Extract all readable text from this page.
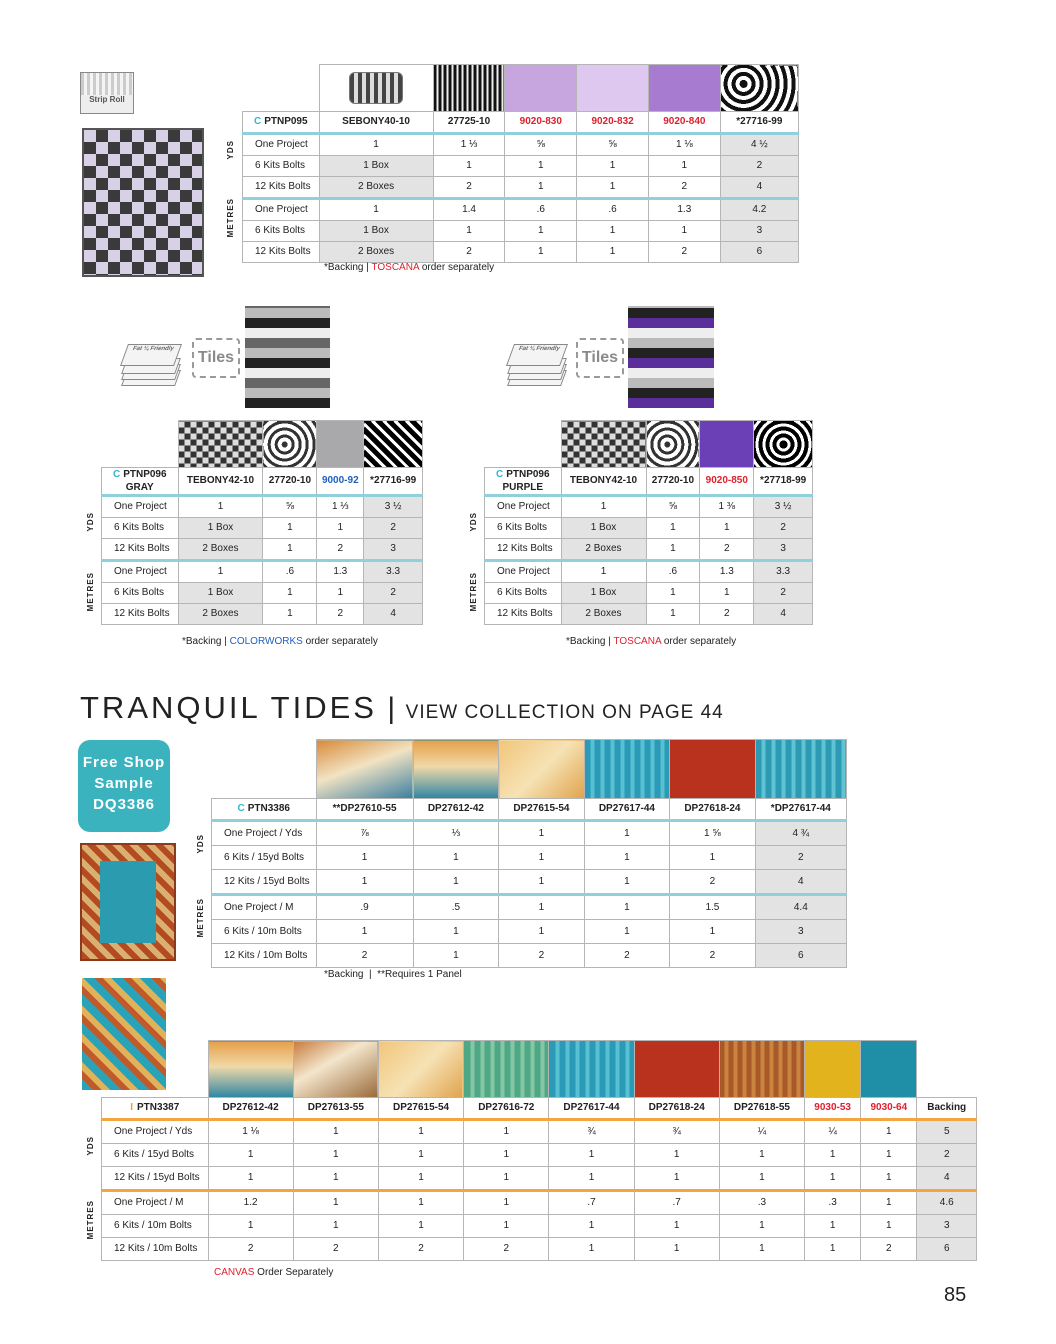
Strip Roll

C PTNP095	SEBONY40-10	27725-10	9020-830	9020-832	9020-840	*27716-99
One Project	1	1 ⅓	⅝	⅝	1 ⅛	4 ½
6 Kits Bolts	1 Box	1	1	1	1	2
12 Kits Bolts	2 Boxes	2	1	1	2	4
One Project	1	1.4	.6	.6	1.3	4.2
6 Kits Bolts	1 Box	1	1	1	1	3
12 Kits Bolts	2 Boxes	2	1	1	2	6
YDS
METRES
*Backing | TOSCANA order separately
Fat ¼ Friendly	Tiles

C PTNP096
GRAY	TEBONY42-10	27720-10	9000-92	*27716-99
One Project	1	⅝	1 ⅓	3 ½
6 Kits Bolts	1 Box	1	1	2
12 Kits Bolts	2 Boxes	1	2	3
One Project	1	.6	1.3	3.3
6 Kits Bolts	1 Box	1	1	2
12 Kits Bolts	2 Boxes	1	2	4
YDS
METRES
*Backing | COLORWORKS order separately
Fat ¼ Friendly	Tiles

C PTNP096
PURPLE	TEBONY42-10	27720-10	9020-850	*27718-99
One Project	1	⅝	1 ⅜	3 ½
6 Kits Bolts	1 Box	1	1	2
12 Kits Bolts	2 Boxes	1	2	3
One Project	1	.6	1.3	3.3
6 Kits Bolts	1 Box	1	1	2
12 Kits Bolts	2 Boxes	1	2	4
YDS
METRES
*Backing | TOSCANA order separately
TRANQUIL TIDES | VIEW COLLECTION ON PAGE 44
Free Shop
Sample
DQ3386
							C PTN3386	**DP27610-55	DP27612-42	DP27615-54	DP27617-44	DP27618-24	*DP27617-44
One Project / Yds	⅞	⅓	1	1	1 ⅝	4 ¾
6 Kits / 15yd Bolts	1	1	1	1	1	2
12 Kits / 15yd Bolts	1	1	1	1	2	4
One Project / M	.9	.5	1	1	1.5	4.4
6 Kits / 10m Bolts	1	1	1	1	1	3
12 Kits / 10m Bolts	2	1	2	2	2	6
YDS
METRES
*Backing  |  **Requires 1 Panel

I PTN3387	DP27612-42	DP27613-55	DP27615-54	DP27616-72	DP27617-44	DP27618-24	DP27618-55	9030-53	9030-64	Backing
One Project / Yds	1 ⅛	1	1	1	¾	¾	¼	¼	1	5
6 Kits / 15yd Bolts	1	1	1	1	1	1	1	1	1	2
12 Kits / 15yd Bolts	1	1	1	1	1	1	1	1	1	4
One Project / M	1.2	1	1	1	.7	.7	.3	.3	1	4.6
6 Kits / 10m Bolts	1	1	1	1	1	1	1	1	1	3
12 Kits / 10m Bolts	2	2	2	2	1	1	1	1	2	6
YDS
METRES
CANVAS Order Separately
85
